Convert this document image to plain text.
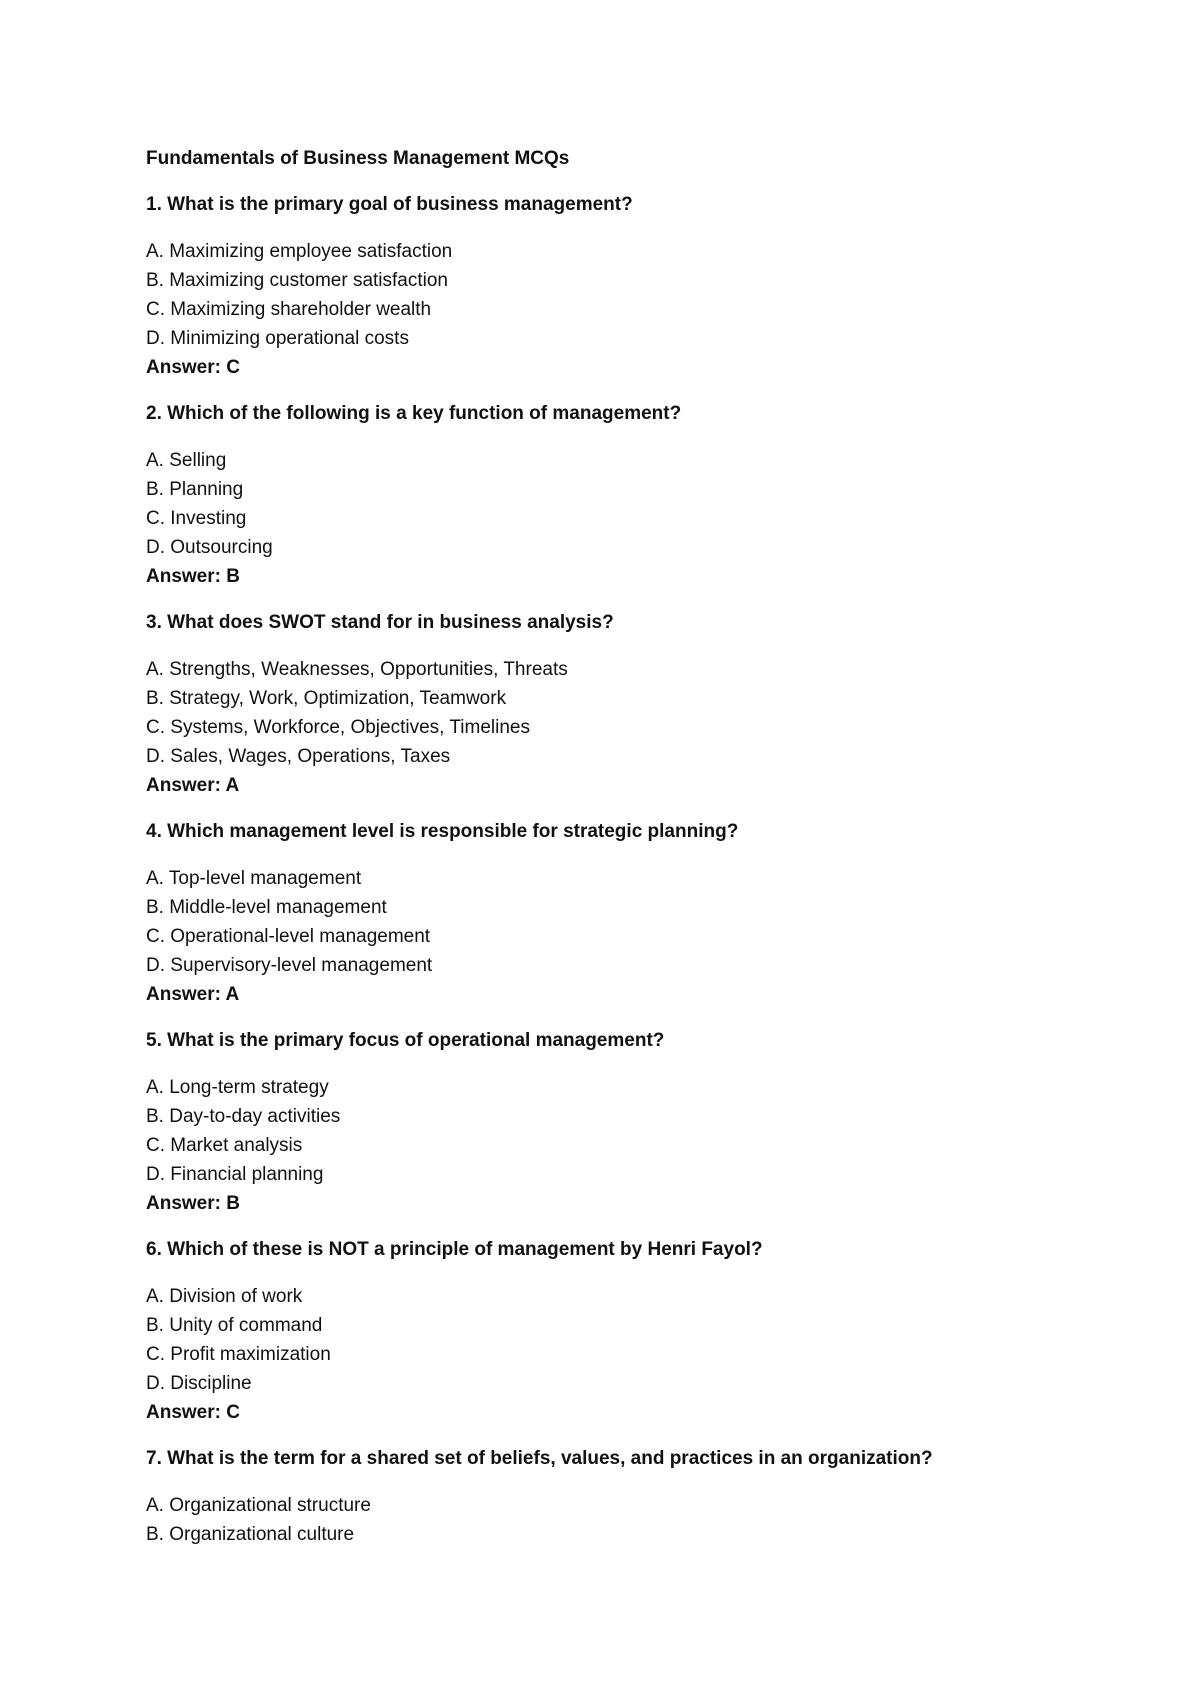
Fundamentals of Business Management MCQs
1. What is the primary goal of business management?
A. Maximizing employee satisfaction
B. Maximizing customer satisfaction
C. Maximizing shareholder wealth
D. Minimizing operational costs
Answer: C
2. Which of the following is a key function of management?
A. Selling
B. Planning
C. Investing
D. Outsourcing
Answer: B
3. What does SWOT stand for in business analysis?
A. Strengths, Weaknesses, Opportunities, Threats
B. Strategy, Work, Optimization, Teamwork
C. Systems, Workforce, Objectives, Timelines
D. Sales, Wages, Operations, Taxes
Answer: A
4. Which management level is responsible for strategic planning?
A. Top-level management
B. Middle-level management
C. Operational-level management
D. Supervisory-level management
Answer: A
5. What is the primary focus of operational management?
A. Long-term strategy
B. Day-to-day activities
C. Market analysis
D. Financial planning
Answer: B
6. Which of these is NOT a principle of management by Henri Fayol?
A. Division of work
B. Unity of command
C. Profit maximization
D. Discipline
Answer: C
7. What is the term for a shared set of beliefs, values, and practices in an organization?
A. Organizational structure
B. Organizational culture
